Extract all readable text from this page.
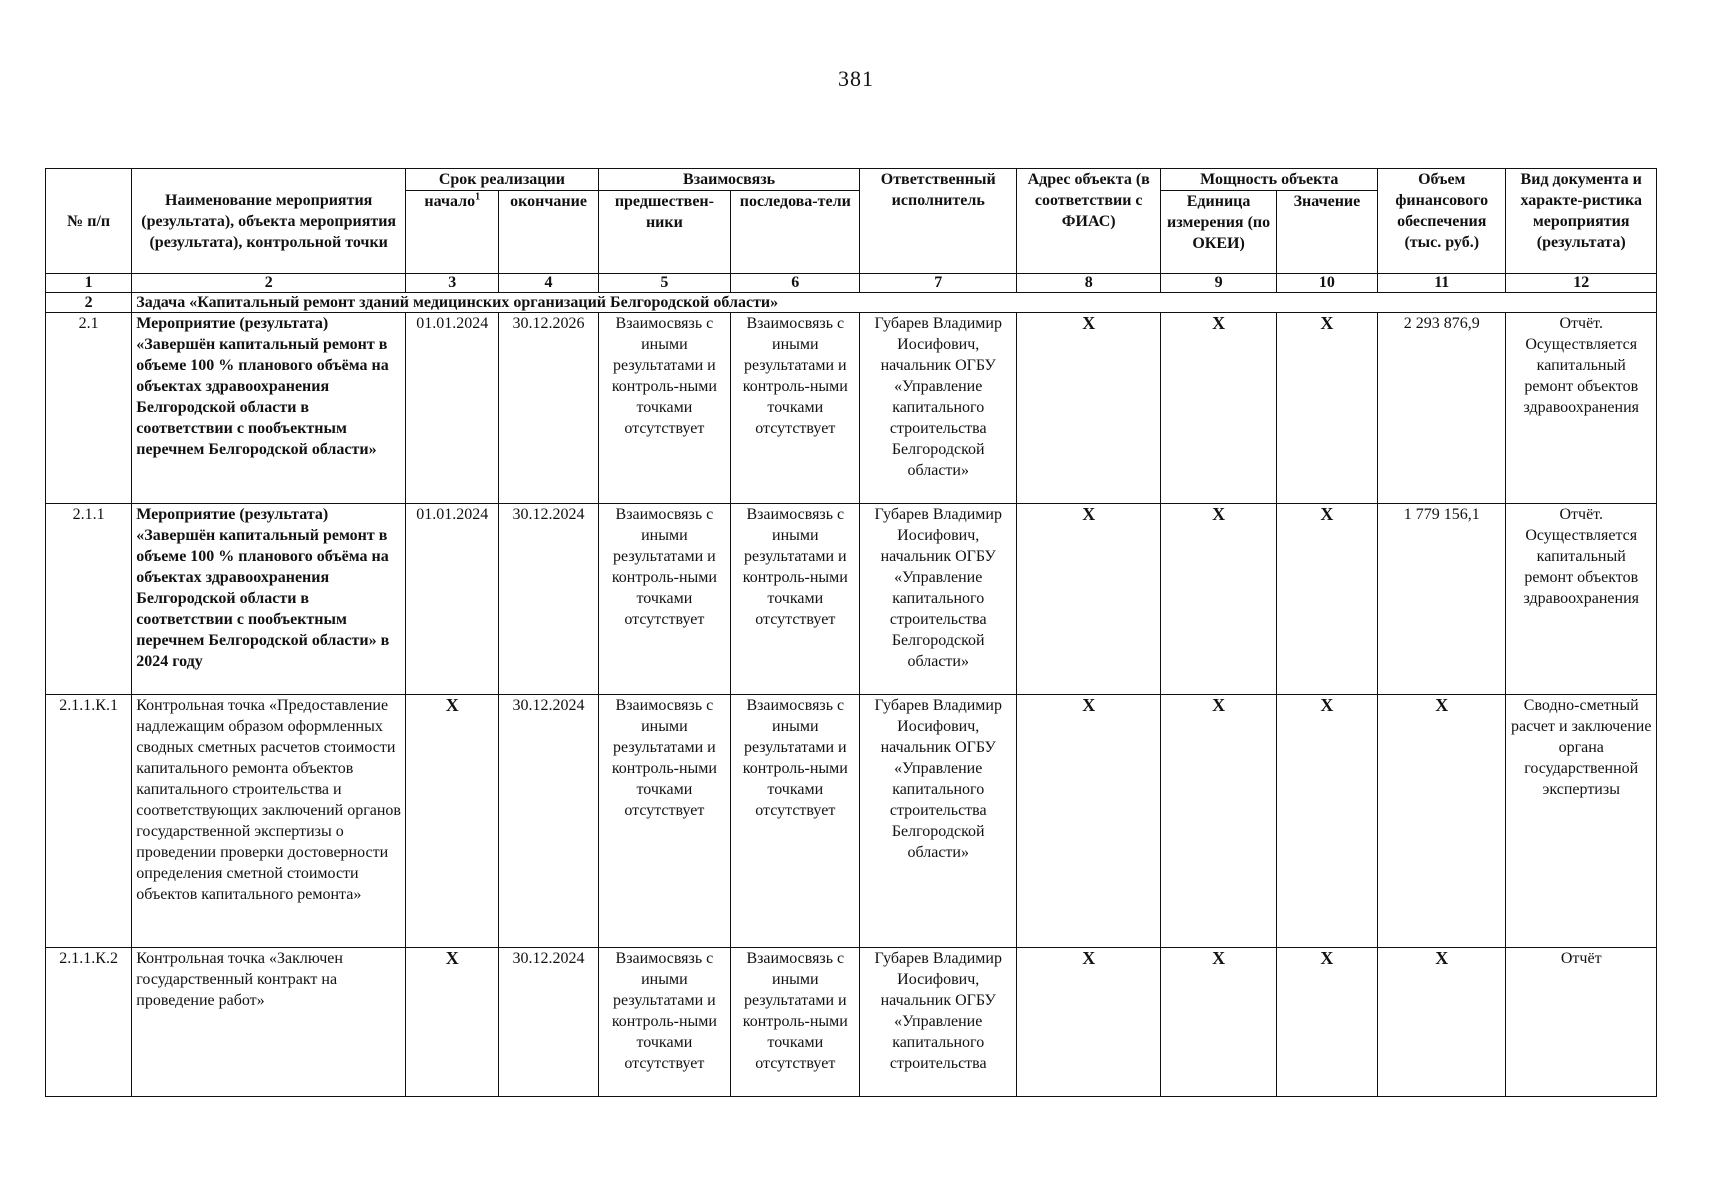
381
№ п/п	Наименование мероприятия (результата), объекта мероприятия (результата), контрольной точки	Срок реализации		Взаимосвязь		Ответственный исполнитель	Адрес объекта (в соответствии с ФИАС)	Мощность объекта		Объем финансового обеспечения (тыс. руб.)	Вид документа и характе-ристика мероприятия (результата)
		начало$^1$	окончание	предшествен-ники	последова-тели			Единица измерения (по ОКЕИ)	Значение		
1	2	3	4	5	6	7	8	9	10	11	12
2	Задача «Капитальный ремонт зданий медицинских организаций Белгородской области»										
2.1	Мероприятие (результата) «Завершён капитальный ремонт в объеме 100 % планового объёма на объектах здравоохранения Белгородской области в соответствии с пообъектным перечнем Белгородской области»	01.01.2024	30.12.2026	Взаимосвязь с иными результатами и контроль-ными точками отсутствует	Взаимосвязь с иными результатами и контроль-ными точками отсутствует	Губарев Владимир Иосифович, начальник ОГБУ «Управление капитального строительства Белгородской области»	X	X	X	2 293 876,9	Отчёт. Осуществляется капитальный ремонт объектов здравоохранения
2.1.1	Мероприятие (результата) «Завершён капитальный ремонт в объеме 100 % планового объёма на объектах здравоохранения Белгородской области в соответствии с пообъектным перечнем Белгородской области» в 2024 году	01.01.2024	30.12.2024	Взаимосвязь с иными результатами и контроль-ными точками отсутствует	Взаимосвязь с иными результатами и контроль-ными точками отсутствует	Губарев Владимир Иосифович, начальник ОГБУ «Управление капитального строительства Белгородской области»	X	X	X	1 779 156,1	Отчёт. Осуществляется капитальный ремонт объектов здравоохранения
2.1.1.К.1	Контрольная точка «Предоставление надлежащим образом оформленных сводных сметных расчетов стоимости капитального ремонта объектов капитального строительства и соответствующих заключений органов государственной экспертизы о проведении проверки достоверности определения сметной стоимости объектов капитального ремонта»	X	30.12.2024	Взаимосвязь с иными результатами и контроль-ными точками отсутствует	Взаимосвязь с иными результатами и контроль-ными точками отсутствует	Губарев Владимир Иосифович, начальник ОГБУ «Управление капитального строительства Белгородской области»	X	X	X	X	Сводно-сметный расчет и заключение органа государственной экспертизы
2.1.1.К.2	Контрольная точка «Заключен государственный контракт на проведение работ»	X	30.12.2024	Взаимосвязь с иными результатами и контроль-ными точками отсутствует	Взаимосвязь с иными результатами и контроль-ными точками отсутствует	Губарев Владимир Иосифович, начальник ОГБУ «Управление капитального строительства	X	X	X	X	Отчёт
